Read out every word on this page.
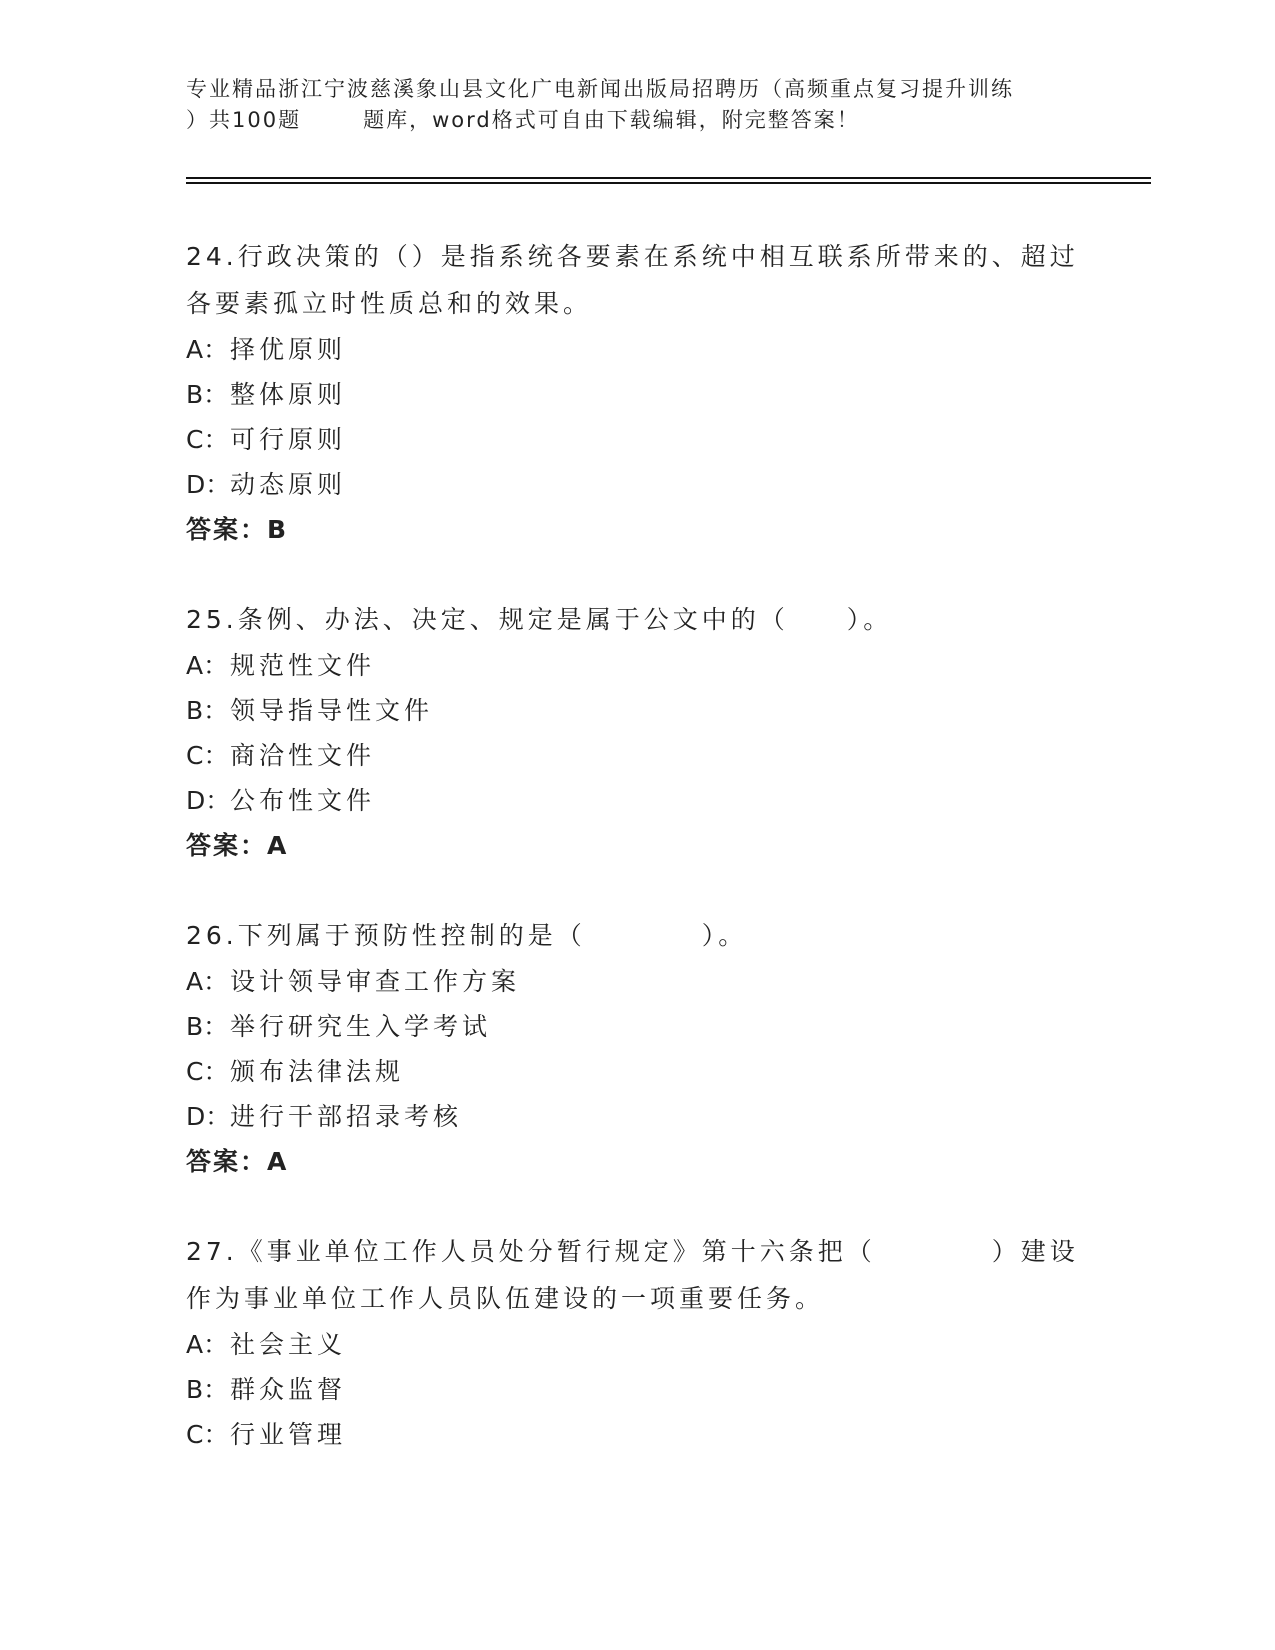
专业精品浙江宁波慈溪象山县文化广电新闻出版局招聘历（高频重点复习提升训练
）共100题	题库，word格式可自由下载编辑，附完整答案！
24.行政决策的（）是指系统各要素在系统中相互联系所带来的、超过各要素孤立时性质总和的效果。
A：择优原则
B：整体原则
C：可行原则
D：动态原则
答案：B
25.条例、办法、决定、规定是属于公文中的（　　）。
A：规范性文件
B：领导指导性文件
C：商洽性文件
D：公布性文件
答案：A
26.下列属于预防性控制的是（　　　　）。
A：设计领导审查工作方案
B：举行研究生入学考试
C：颁布法律法规
D：进行干部招录考核
答案：A
27.《事业单位工作人员处分暂行规定》第十六条把（　　　　）建设作为事业单位工作人员队伍建设的一项重要任务。
A：社会主义
B：群众监督
C：行业管理
